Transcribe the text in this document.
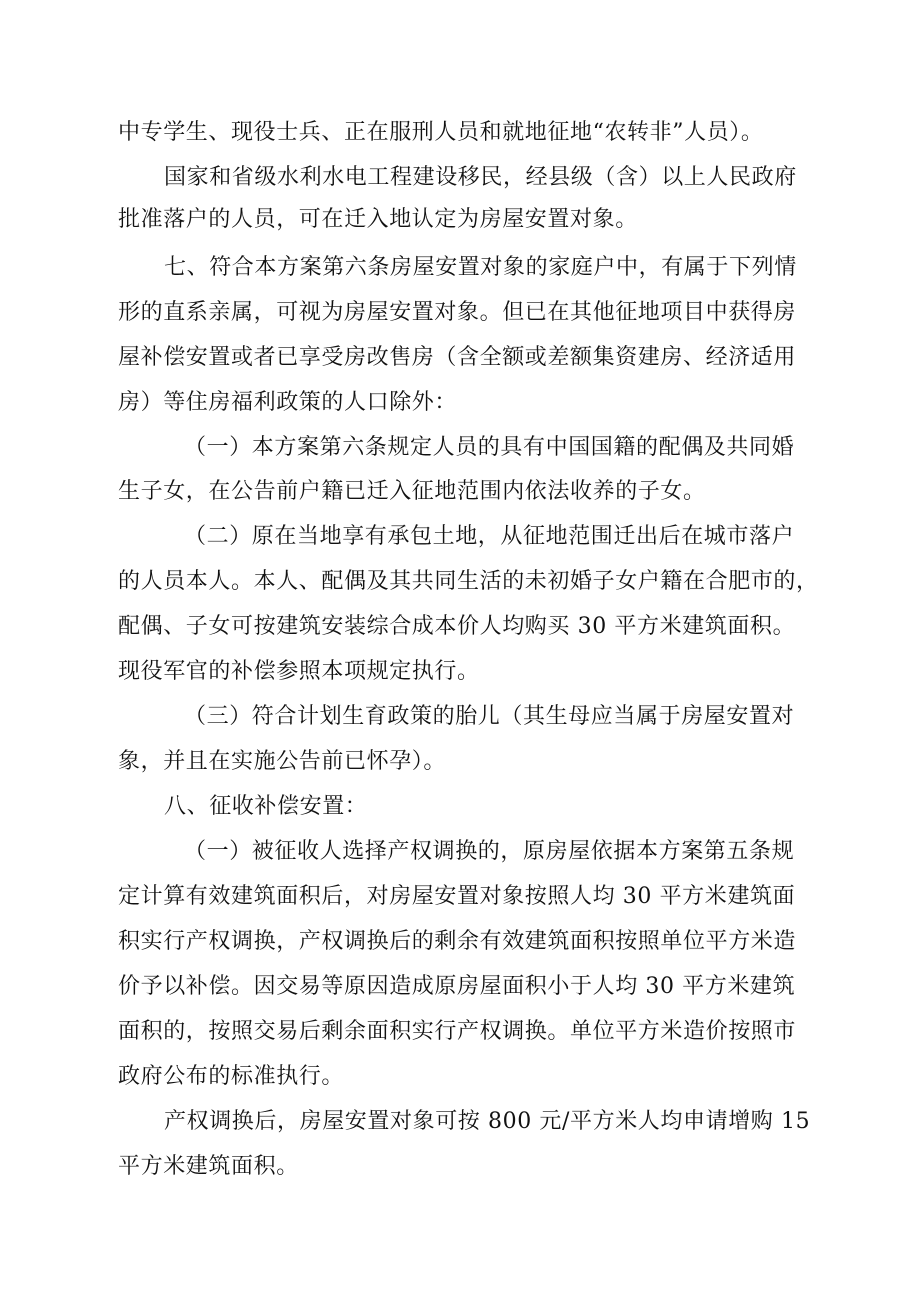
中专学生、现役士兵、正在服刑人员和就地征地“农转非”人员）。
国家和省级水利水电工程建设移民，经县级（含）以上人民政府
批准落户的人员，可在迁入地认定为房屋安置对象。
七、符合本方案第六条房屋安置对象的家庭户中，有属于下列情
形的直系亲属，可视为房屋安置对象。但已在其他征地项目中获得房
屋补偿安置或者已享受房改售房（含全额或差额集资建房、经济适用
房）等住房福利政策的人口除外：
（一）本方案第六条规定人员的具有中国国籍的配偶及共同婚
生子女，在公告前户籍已迁入征地范围内依法收养的子女。
（二）原在当地享有承包土地，从征地范围迁出后在城市落户
的人员本人。本人、配偶及其共同生活的未初婚子女户籍在合肥市的，
配偶、子女可按建筑安装综合成本价人均购买 30 平方米建筑面积。
现役军官的补偿参照本项规定执行。
（三）符合计划生育政策的胎儿（其生母应当属于房屋安置对
象，并且在实施公告前已怀孕）。
八、征收补偿安置：
（一）被征收人选择产权调换的，原房屋依据本方案第五条规
定计算有效建筑面积后，对房屋安置对象按照人均 30 平方米建筑面
积实行产权调换，产权调换后的剩余有效建筑面积按照单位平方米造
价予以补偿。因交易等原因造成原房屋面积小于人均 30 平方米建筑
面积的，按照交易后剩余面积实行产权调换。单位平方米造价按照市
政府公布的标准执行。
产权调换后，房屋安置对象可按 800 元/平方米人均申请增购 15
平方米建筑面积。
